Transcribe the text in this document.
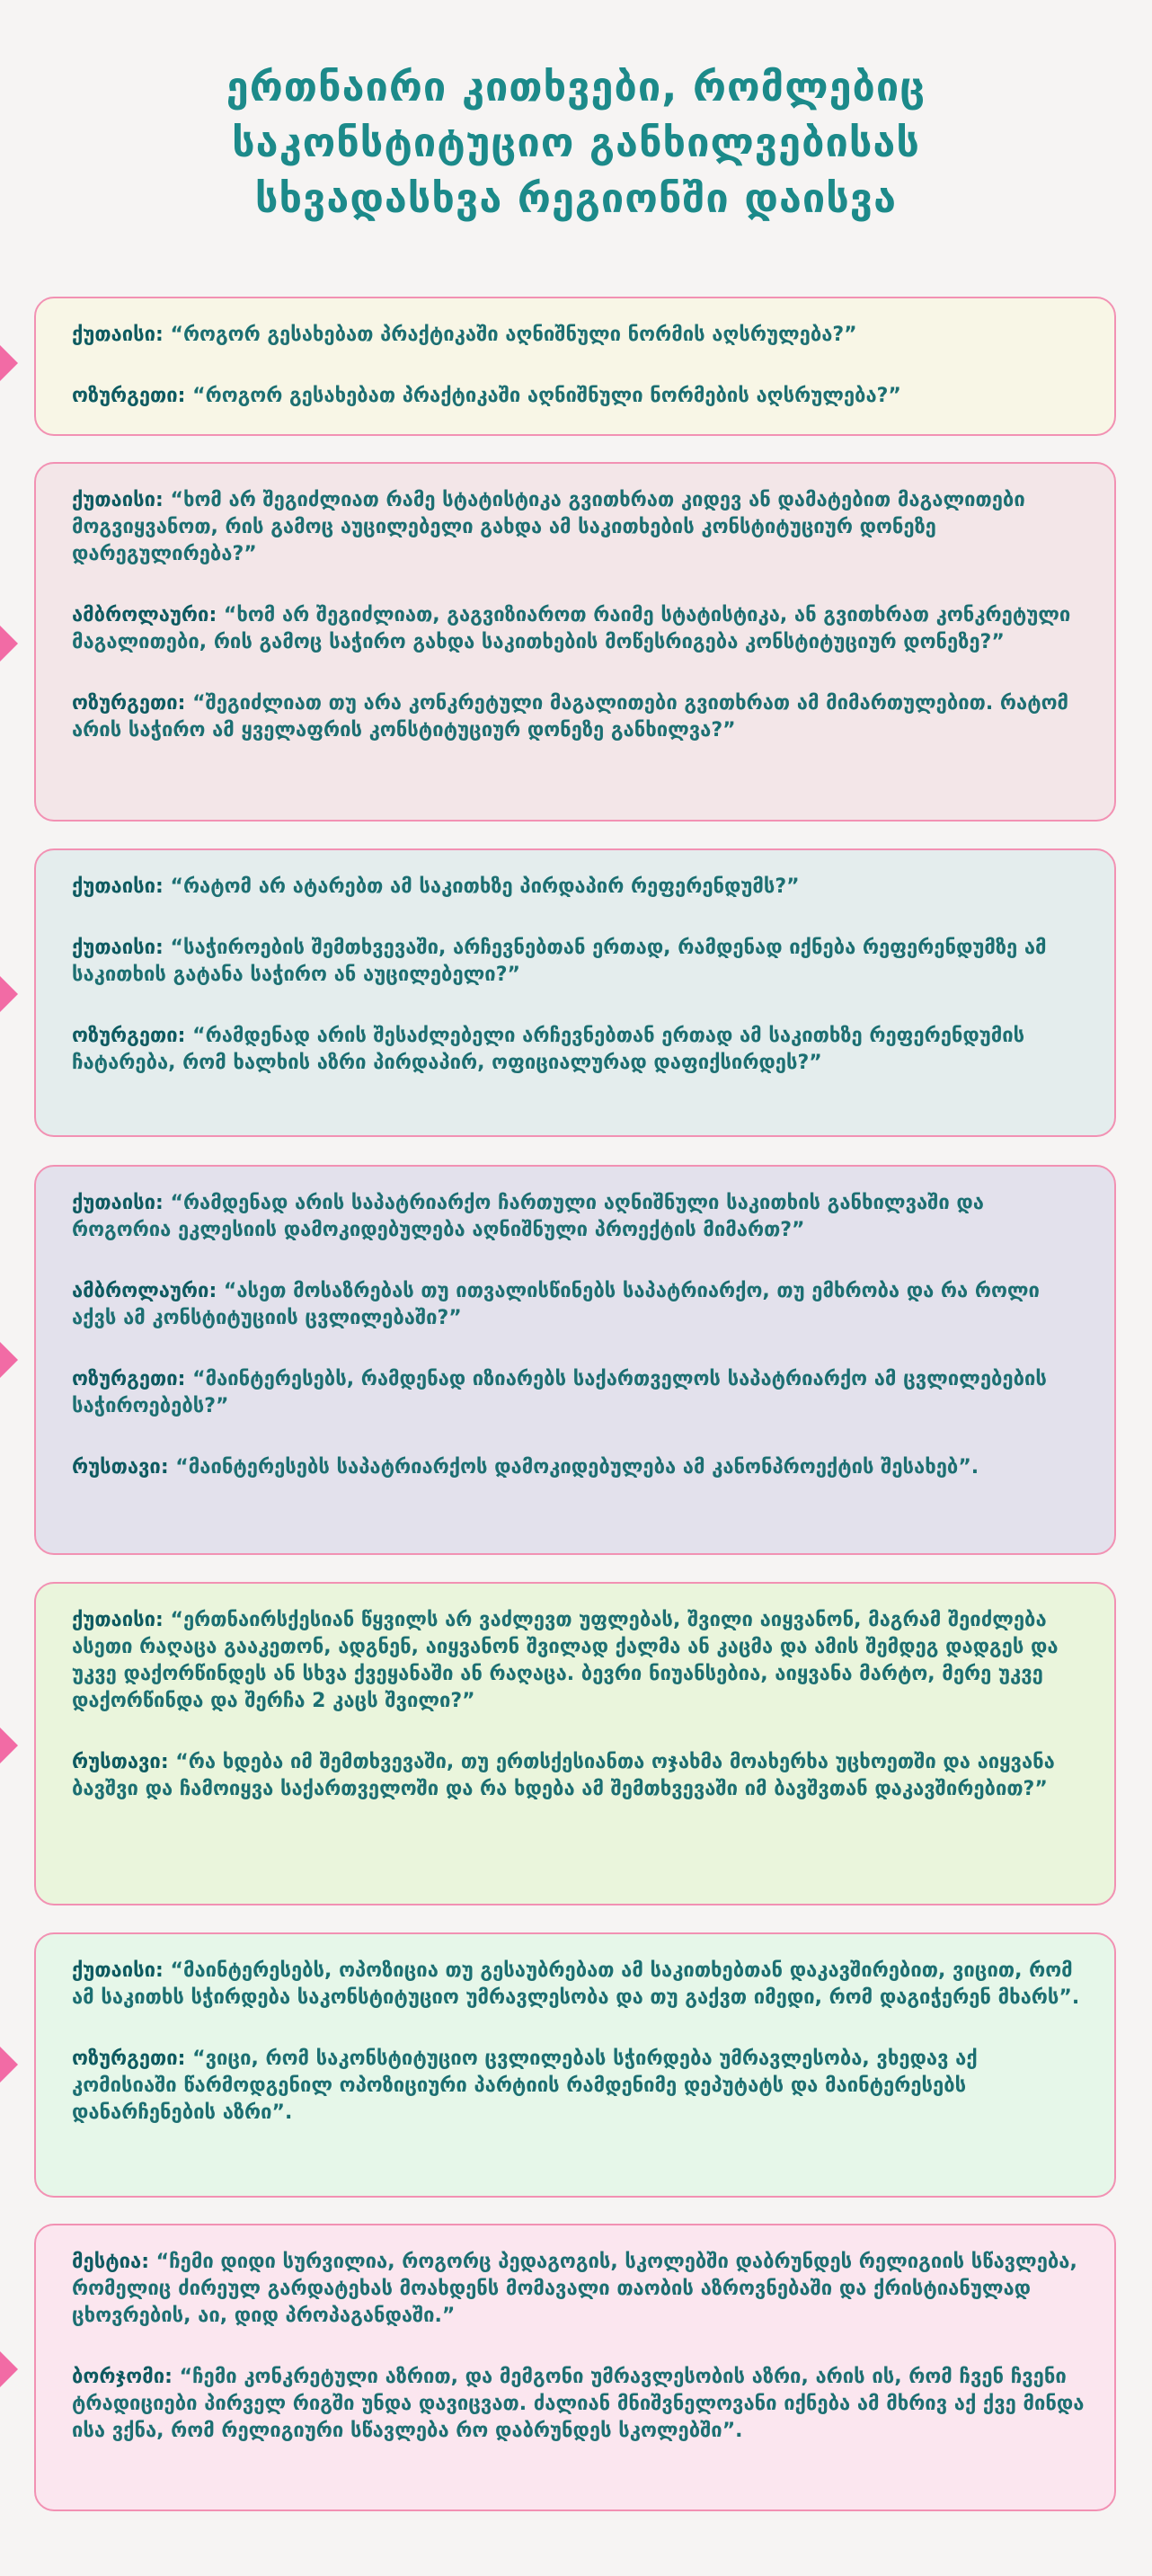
ერთნაირი კითხვები, რომლებიც
საკონსტიტუციო განხილვებისას
სხვადასხვა რეგიონში დაისვა

ქუთაისი: “როგორ გესახებათ პრაქტიკაში აღნიშნული ნორმის აღსრულება?”

ოზურგეთი: “როგორ გესახებათ პრაქტიკაში აღნიშნული ნორმების აღსრულება?”

ქუთაისი: “ხომ არ შეგიძლიათ რამე სტატისტიკა გვითხრათ კიდევ ან დამატებით მაგალითები მოგვიყვანოთ, რის გამოც აუცილებელი გახდა ამ საკითხების კონსტიტუციურ დონეზე დარეგულირება?”

ამბროლაური: “ხომ არ შეგიძლიათ, გაგვიზიაროთ რაიმე სტატისტიკა, ან გვითხრათ კონკრეტული მაგალითები, რის გამოც საჭირო გახდა საკითხების მოწესრიგება კონსტიტუციურ დონეზე?”

ოზურგეთი: “შეგიძლიათ თუ არა კონკრეტული მაგალითები გვითხრათ ამ მიმართულებით. რატომ არის საჭირო ამ ყველაფრის კონსტიტუციურ დონეზე განხილვა?”

ქუთაისი: “რატომ არ ატარებთ ამ საკითხზე პირდაპირ რეფერენდუმს?”

ქუთაისი: “საჭიროების შემთხვევაში, არჩევნებთან ერთად, რამდენად იქნება რეფერენდუმზე ამ საკითხის გატანა საჭირო ან აუცილებელი?”

ოზურგეთი: “რამდენად არის შესაძლებელი არჩევნებთან ერთად ამ საკითხზე რეფერენდუმის ჩატარება, რომ ხალხის აზრი პირდაპირ, ოფიციალურად დაფიქსირდეს?”

ქუთაისი: “რამდენად არის საპატრიარქო ჩართული აღნიშნული საკითხის განხილვაში და როგორია ეკლესიის დამოკიდებულება აღნიშნული პროექტის მიმართ?”

ამბროლაური: “ასეთ მოსაზრებას თუ ითვალისწინებს საპატრიარქო, თუ ემხრობა და რა როლი აქვს ამ კონსტიტუციის ცვლილებაში?”

ოზურგეთი: “მაინტერესებს, რამდენად იზიარებს საქართველოს საპატრიარქო ამ ცვლილებების საჭიროებებს?”

რუსთავი: “მაინტერესებს საპატრიარქოს დამოკიდებულება ამ კანონპროექტის შესახებ”.

ქუთაისი: “ერთნაირსქესიან წყვილს არ ვაძლევთ უფლებას, შვილი აიყვანონ, მაგრამ შეიძლება ასეთი რაღაცა გააკეთონ, ადგნენ, აიყვანონ შვილად ქალმა ან კაცმა და ამის შემდეგ დადგეს და უკვე დაქორწინდეს ან სხვა ქვეყანაში ან რაღაცა. ბევრი ნიუანსებია, აიყვანა მარტო, მერე უკვე დაქორწინდა და შერჩა 2 კაცს შვილი?”

რუსთავი: “რა ხდება იმ შემთხვევაში, თუ ერთსქესიანთა ოჯახმა მოახერხა უცხოეთში და აიყვანა ბავშვი და ჩამოიყვა საქართველოში და რა ხდება ამ შემთხვევაში იმ ბავშვთან დაკავშირებით?”

ქუთაისი: “მაინტერესებს, ოპოზიცია თუ გესაუბრებათ ამ საკითხებთან დაკავშირებით, ვიცით, რომ ამ საკითხს სჭირდება საკონსტიტუციო უმრავლესობა და თუ გაქვთ იმედი, რომ დაგიჭერენ მხარს”.

ოზურგეთი: “ვიცი, რომ საკონსტიტუციო ცვლილებას სჭირდება უმრავლესობა, ვხედავ აქ კომისიაში წარმოდგენილ ოპოზიციური პარტიის რამდენიმე დეპუტატს და მაინტერესებს დანარჩენების აზრი”.

მესტია: “ჩემი დიდი სურვილია, როგორც პედაგოგის, სკოლებში დაბრუნდეს რელიგიის სწავლება, რომელიც ძირეულ გარდატეხას მოახდენს მომავალი თაობის აზროვნებაში და ქრისტიანულად ცხოვრების, აი, დიდ პროპაგანდაში.”

ბორჯომი: “ჩემი კონკრეტული აზრით, და მემგონი უმრავლესობის აზრი, არის ის, რომ ჩვენ ჩვენი ტრადიციები პირველ რიგში უნდა დავიცვათ. ძალიან მნიშვნელოვანი იქნება ამ მხრივ აქ ქვე მინდა ისა ვქნა, რომ რელიგიური სწავლება რო დაბრუნდეს სკოლებში”.
